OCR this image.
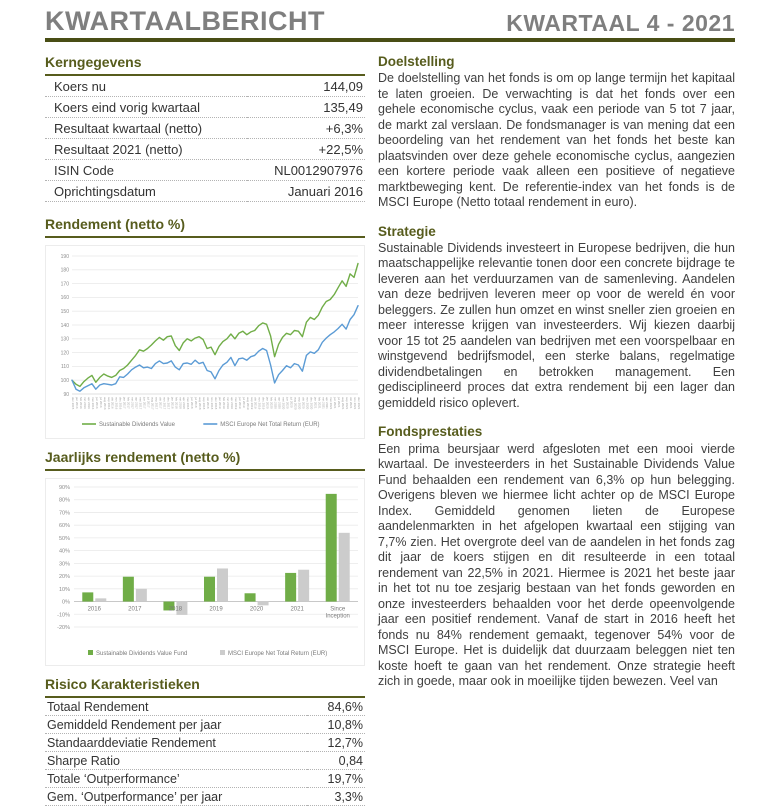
KWARTAALBERICHT	KWARTAAL 4 - 2021
Kerngegevens
Koers nu	144,09
Koers eind vorig kwartaal	135,49
Resultaat kwartaal (netto)	+6,3%
Resultaat 2021 (netto)	+22,5%
ISIN Code	NL0012907976
Oprichtingsdatum	Januari 2016
Rendement (netto %)
90
100
110
120
130
140
150
160
170
180
190
dec 2015 jan 2016 feb 2016 mrt 2016 apr 2016 mei 2016 jun 2016 jul 2016 aug 2016 sep 2016 okt 2016 nov 2016 dec 2016 jan 2017 feb 2017 mrt 2017 apr 2017 mei 2017 jun 2017 jul 2017 aug 2017 sep 2017 okt 2017 nov 2017 dec 2017 jan 2018 feb 2018 mrt 2018 apr 2018 mei 2018 jun 2018 jul 2018 aug 2018 sep 2018 okt 2018 nov 2018 dec 2018 jan 2019 feb 2019 mrt 2019 apr 2019 mei 2019 jun 2019 jul 2019 aug 2019 sep 2019 okt 2019 nov 2019 dec 2019 jan 2020 feb 2020 mrt 2020 apr 2020 mei 2020 jun 2020 jul 2020 aug 2020 sep 2020 okt 2020 nov 2020 dec 2020 jan 2021 feb 2021 mrt 2021 apr 2021 mei 2021 jun 2021 jul 2021 aug 2021 sep 2021 okt 2021 nov 2021 dec 2021
Sustainable Dividends Value	MSCI Europe Net Total Return (EUR)
Jaarlijks rendement (netto %)
90%
80%
70%
60%
50%
40%
30%
20%
10%
0%
-10%
-20%
2016	2017	2018	2019	2020	2021	Since Inception
Sustainable Dividends Value Fund	MSCI Europe Net Total Return (EUR)
Risico Karakteristieken
Totaal Rendement	84,6%
Gemiddeld Rendement per jaar	10,8%
Standaarddeviatie Rendement	12,7%
Sharpe Ratio	0,84
Totale ‘Outperformance’	19,7%
Gem. ‘Outperformance’ per jaar	3,3%
Doelstelling

De doelstelling van het fonds is om op lange termijn het kapitaal te laten groeien. De verwachting is dat het fonds over een gehele economische cyclus, vaak een periode van 5 tot 7 jaar, de markt zal verslaan. De fondsmanager is van mening dat een beoordeling van het rendement van het fonds het beste kan plaatsvinden over deze gehele economische cyclus, aangezien een kortere periode vaak alleen een positieve of negatieve marktbeweging kent. De referentie-index van het fonds is de MSCI Europe (Netto totaal rendement in euro).

Strategie

Sustainable Dividends investeert in Europese bedrijven, die hun maatschappelijke relevantie tonen door een concrete bijdrage te leveren aan het verduurzamen van de samenleving. Aandelen van deze bedrijven leveren meer op voor de wereld én voor beleggers. Ze zullen hun omzet en winst sneller zien groeien en meer interesse krijgen van investeerders. Wij kiezen daarbij voor 15 tot 25 aandelen van bedrijven met een voorspelbaar en winstgevend bedrijfsmodel, een sterke balans, regelmatige dividendbetalingen en betrokken management. Een gedisciplineerd proces dat extra rendement bij een lager dan gemiddeld risico oplevert.

Fondsprestaties

Een prima beursjaar werd afgesloten met een mooi vierde kwartaal. De investeerders in het Sustainable Dividends Value Fund behaalden een rendement van 6,3% op hun belegging. Overigens bleven we hiermee licht achter op de MSCI Europe Index. Gemiddeld genomen lieten de Europese aandelenmarkten in het afgelopen kwartaal een stijging van 7,7% zien. Het overgrote deel van de aandelen in het fonds zag dit jaar de koers stijgen en dit resulteerde in een totaal rendement van 22,5% in 2021. Hiermee is 2021 het beste jaar in het tot nu toe zesjarig bestaan van het fonds geworden en onze investeerders behaalden voor het derde opeenvolgende jaar een positief rendement. Vanaf de start in 2016 heeft het fonds nu 84% rendement gemaakt, tegenover 54% voor de MSCI Europe. Het is duidelijk dat duurzaam beleggen niet ten koste hoeft te gaan van het rendement. Onze strategie heeft zich in goede, maar ook in moeilijke tijden bewezen. Veel van
